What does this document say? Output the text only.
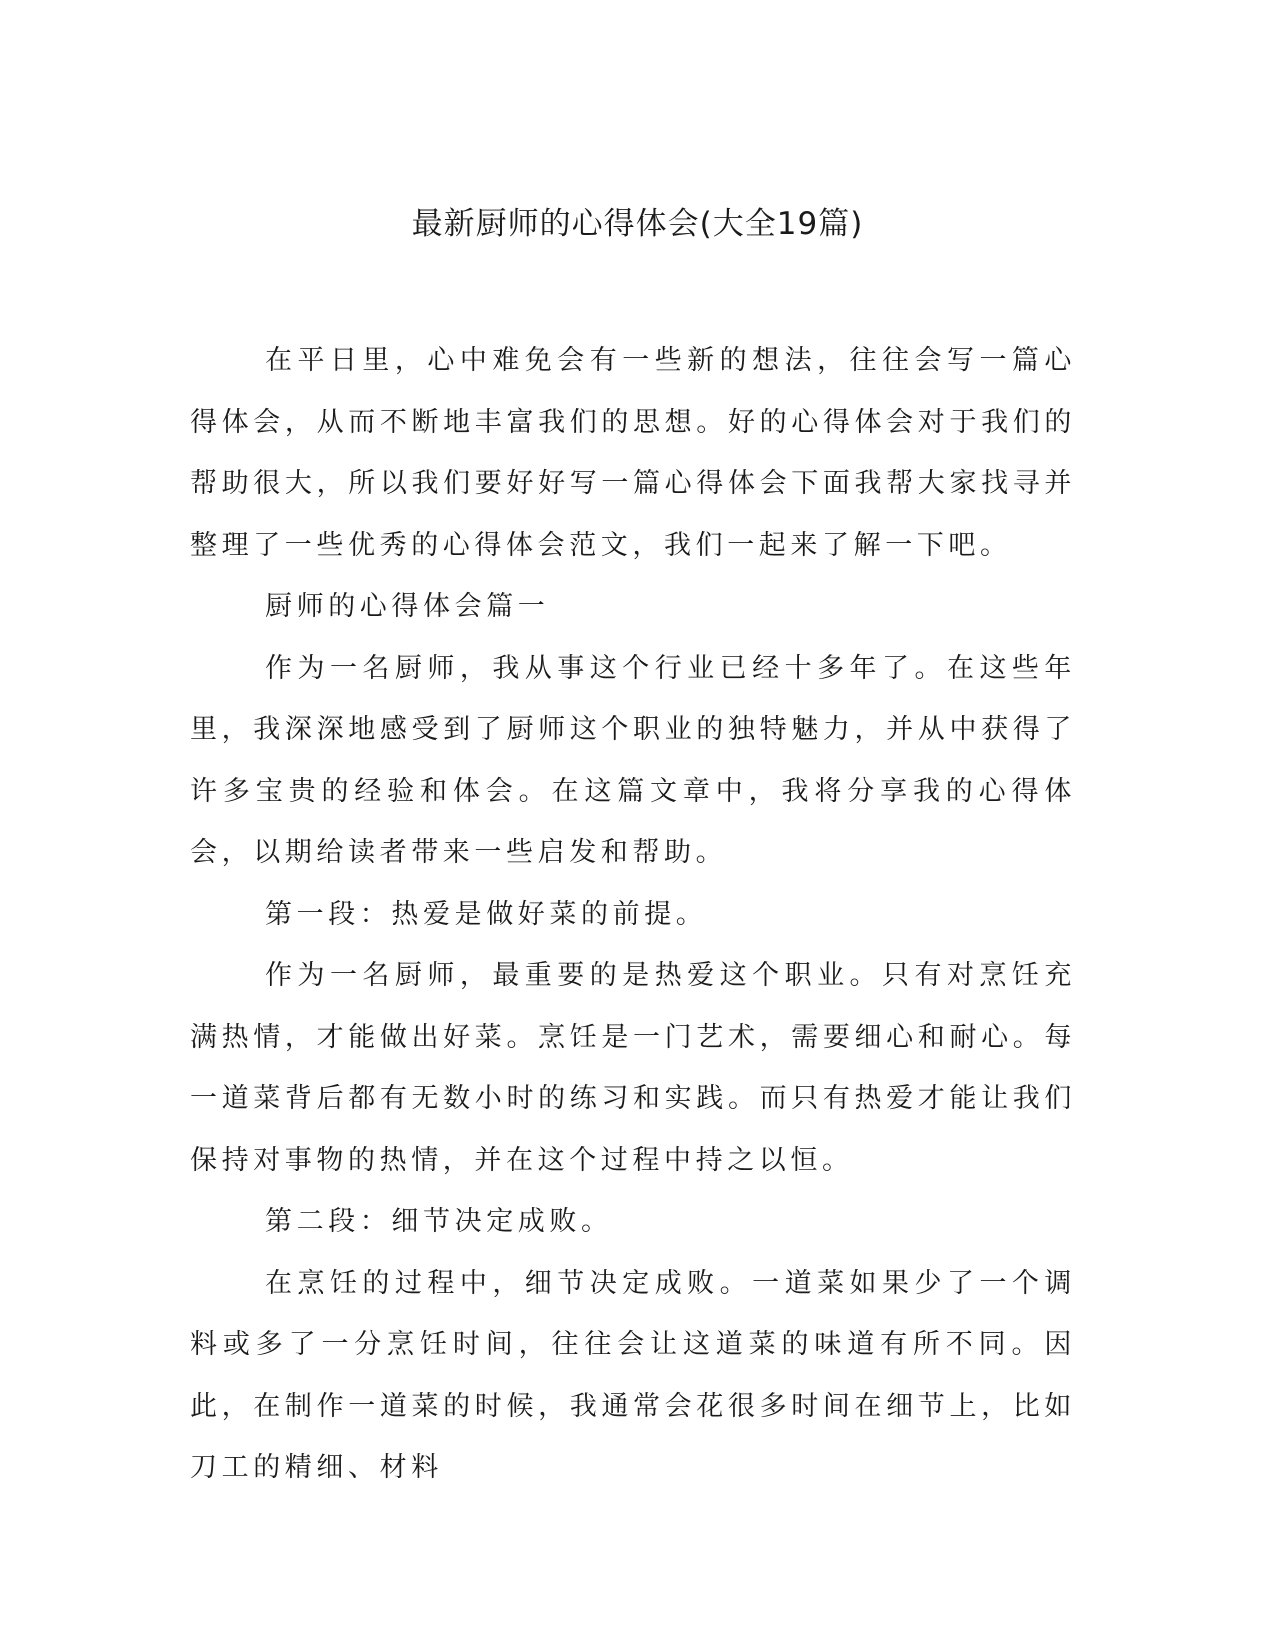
最新厨师的心得体会(大全19篇)

在平日里，心中难免会有一些新的想法，往往会写一篇心得体会，从而不断地丰富我们的思想。好的心得体会对于我们的帮助很大，所以我们要好好写一篇心得体会下面我帮大家找寻并整理了一些优秀的心得体会范文，我们一起来了解一下吧。

厨师的心得体会篇一

作为一名厨师，我从事这个行业已经十多年了。在这些年里，我深深地感受到了厨师这个职业的独特魅力，并从中获得了许多宝贵的经验和体会。在这篇文章中，我将分享我的心得体会，以期给读者带来一些启发和帮助。

第一段：热爱是做好菜的前提。

作为一名厨师，最重要的是热爱这个职业。只有对烹饪充满热情，才能做出好菜。烹饪是一门艺术，需要细心和耐心。每一道菜背后都有无数小时的练习和实践。而只有热爱才能让我们保持对事物的热情，并在这个过程中持之以恒。

第二段：细节决定成败。

在烹饪的过程中，细节决定成败。一道菜如果少了一个调料或多了一分烹饪时间，往往会让这道菜的味道有所不同。因此，在制作一道菜的时候，我通常会花很多时间在细节上，比如刀工的精细、材料
